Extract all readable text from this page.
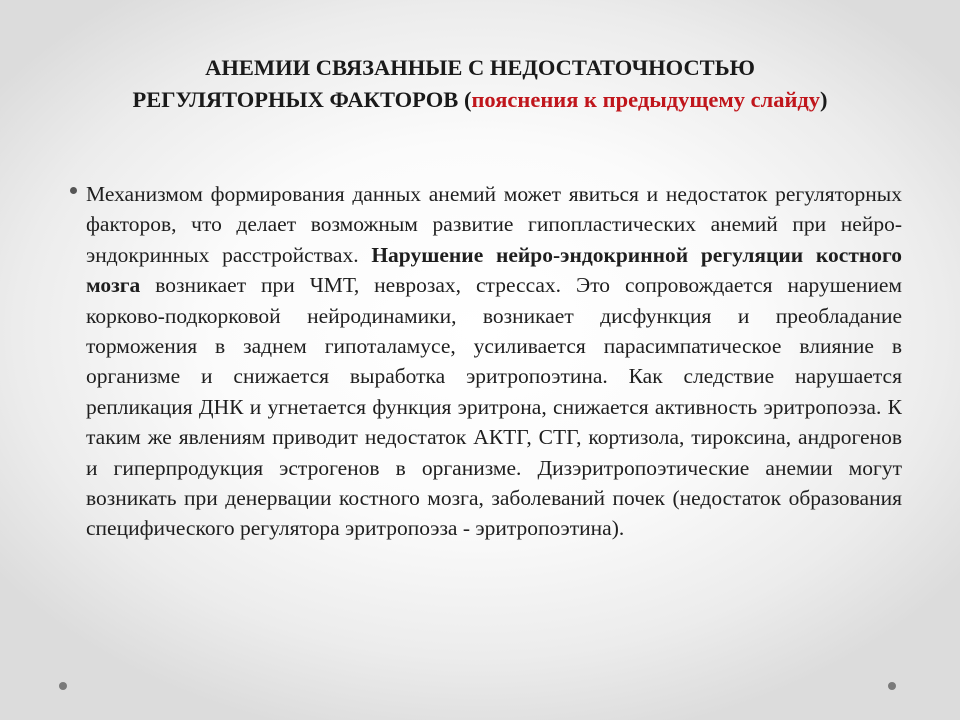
АНЕМИИ СВЯЗАННЫЕ С НЕДОСТАТОЧНОСТЬЮ
РЕГУЛЯТОРНЫХ ФАКТОРОВ (пояснения к предыдущему слайду)

Механизмом формирования данных анемий может явиться и недостаток регуляторных факторов, что делает возможным развитие гипопластических анемий при нейро-эндокринных расстройствах. Нарушение нейро-эндокринной регуляции костного мозга возникает при ЧМТ, неврозах, стрессах. Это сопровождается нарушением корково-подкорковой нейродинамики, возникает дисфункция и преобладание торможения в заднем гипоталамусе, усиливается парасимпатическое влияние в организме и снижается выработка эритропоэтина. Как следствие нарушается репликация ДНК и угнетается функция эритрона, снижается активность эритропоэза. К таким же явлениям приводит недостаток АКТГ, СТГ, кортизола, тироксина, андрогенов и гиперпродукция эстрогенов в организме. Дизэритропоэтические анемии могут возникать при денервации костного мозга, заболеваний почек (недостаток образования специфического регулятора эритропоэза - эритропоэтина).
